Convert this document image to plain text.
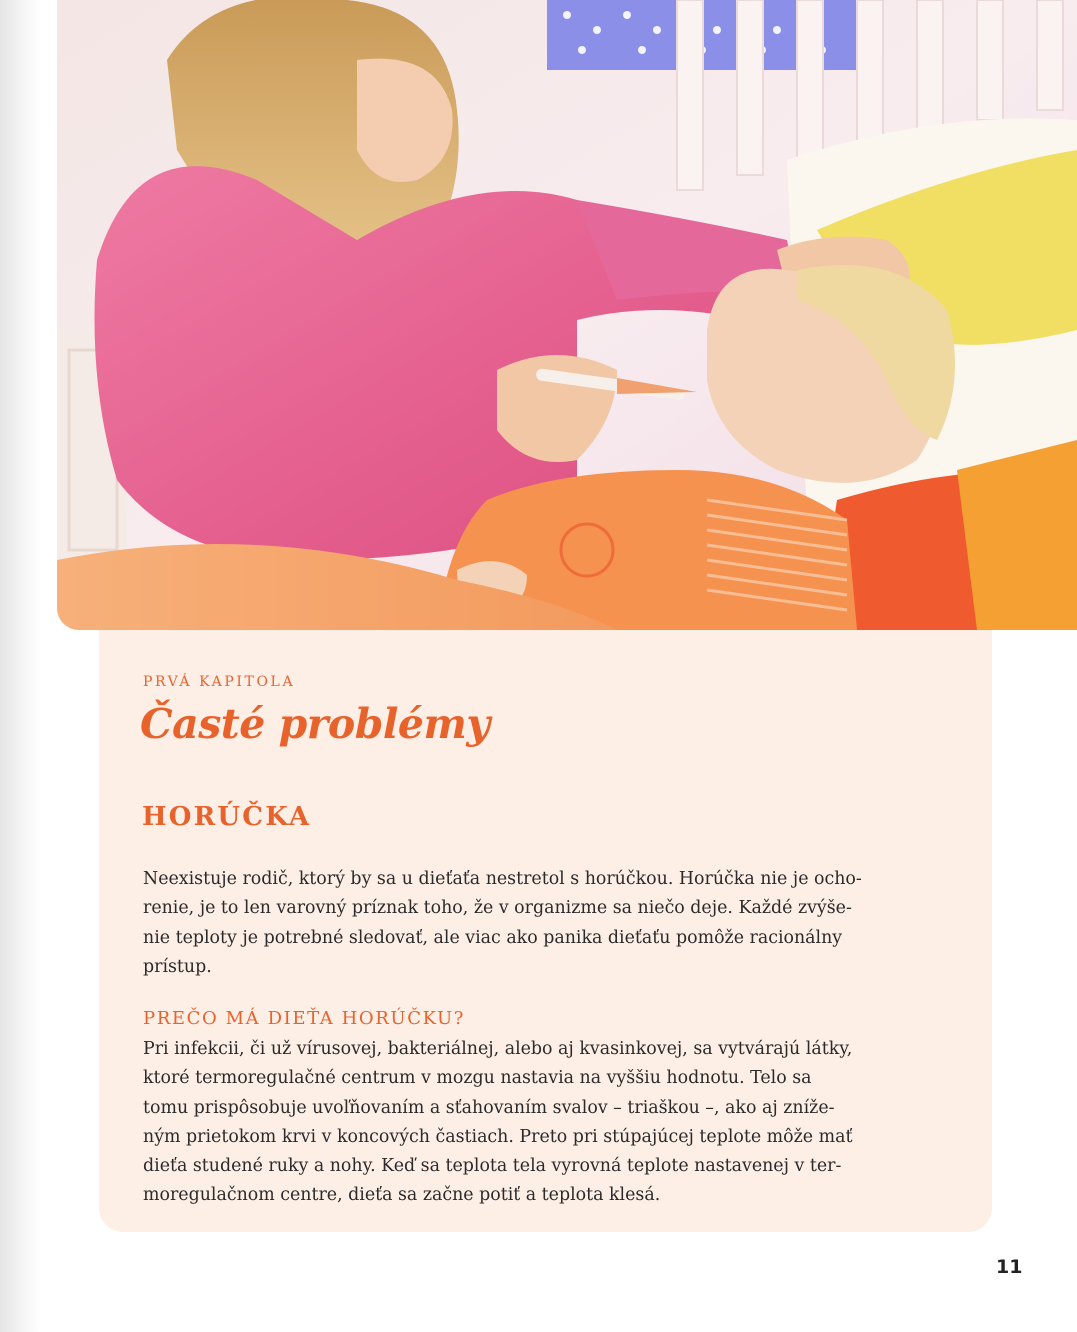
PRVÁ KAPITOLA
Časté problémy
HORÚČKA
Neexistuje rodič, ktorý by sa u dieťaťa nestretol s horúčkou. Horúčka nie je ocho-
renie, je to len varovný príznak toho, že v organizme sa niečo deje. Každé zvýše-
nie teploty je potrebné sledovať, ale viac ako panika dieťaťu pomôže racionálny
prístup.
PREČO MÁ DIEŤA HORÚČKU?
Pri infekcii, či už vírusovej, bakteriálnej, alebo aj kvasinkovej, sa vytvárajú látky,
ktoré termoregulačné centrum v mozgu nastavia na vyššiu hodnotu. Telo sa
tomu prispôsobuje uvoľňovaním a sťahovaním svalov – triaškou –, ako aj zníže-
ným prietokom krvi v koncových častiach. Preto pri stúpajúcej teplote môže mať
dieťa studené ruky a nohy. Keď sa teplota tela vyrovná teplote nastavenej v ter-
moregulačnom centre, dieťa sa začne potiť a teplota klesá.
11
